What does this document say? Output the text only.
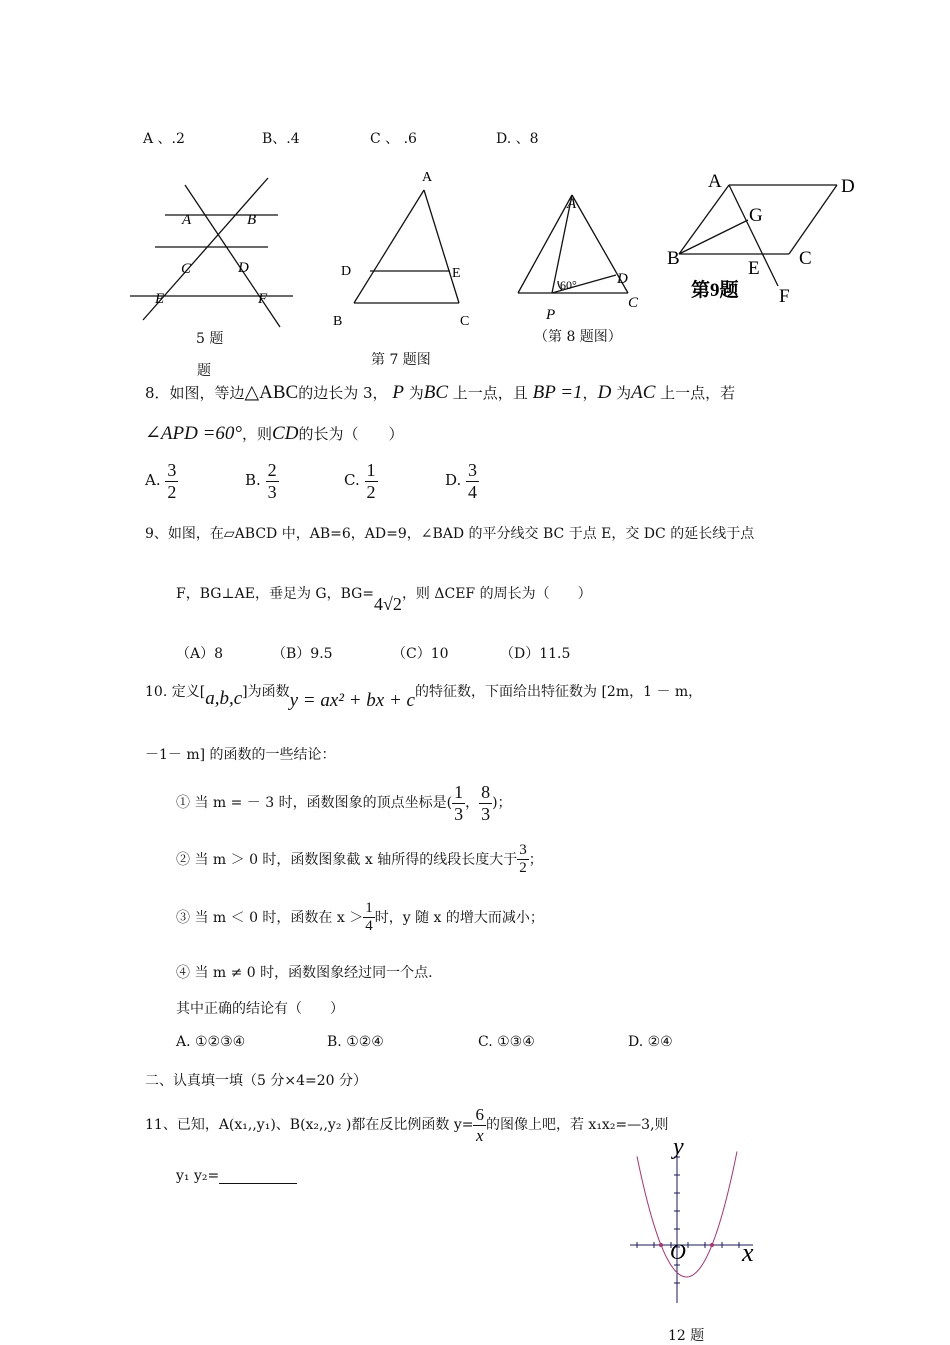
A 、.2	B、.4	C 、 .6	D. 、8
A	B
C	D
E	F
5 题
题
A
D	E
B	C
第 7 题图
A
D
C
P
60°
（第 8 题图）
A	D
G
B	E C
F
第9题
8．如图，等边△ABC的边长为 3， P 为BC 上一点，且 BP =1，D 为AC 上一点，若
∠APD =60°，则CD的长为（　　）
A. $\frac{3}{2}$	B. $\frac{2}{3}$	C. $\frac{1}{2}$	D. $\frac{3}{4}$
9、如图，在▱ABCD 中，AB=6，AD=9，∠BAD 的平分线交 BC 于点 E，交 DC 的延长线于点
F，BG⊥AE，垂足为 G，BG=4√2，则 ΔCEF 的周长为（　　）
（A）8	（B）9.5	（C）10	（D）11.5
10. 定义[a,b,c]为函数y = ax² + bx + c的特征数，下面给出特征数为 [2m，1 － m，
－1－ m] 的函数的一些结论：
① 当 m = － 3 时，函数图象的顶点坐标是( $\frac{1}{3}$ ， $\frac{8}{3}$ )；
② 当 m ＞ 0 时，函数图象截 x 轴所得的线段长度大于 $\frac{3}{2}$ ；
③ 当 m ＜ 0 时，函数在 $x > \frac{1}{4}$ 时，y 随 x 的增大而减小；
④ 当 m ≠ 0 时，函数图象经过同一个点.
其中正确的结论有（　　）
A. ①②③④	B. ①②④	C. ①③④	D. ②④
二、认真填一填（5 分×4=20 分）
11、已知，A(x₁,,y₁)、B(x₂,,y₂ )都在反比例函数 $y= \frac{6}{x}$ 的图像上吧，若 x₁x₂=—3,则
y₁ y₂=
y
O x
12 题
